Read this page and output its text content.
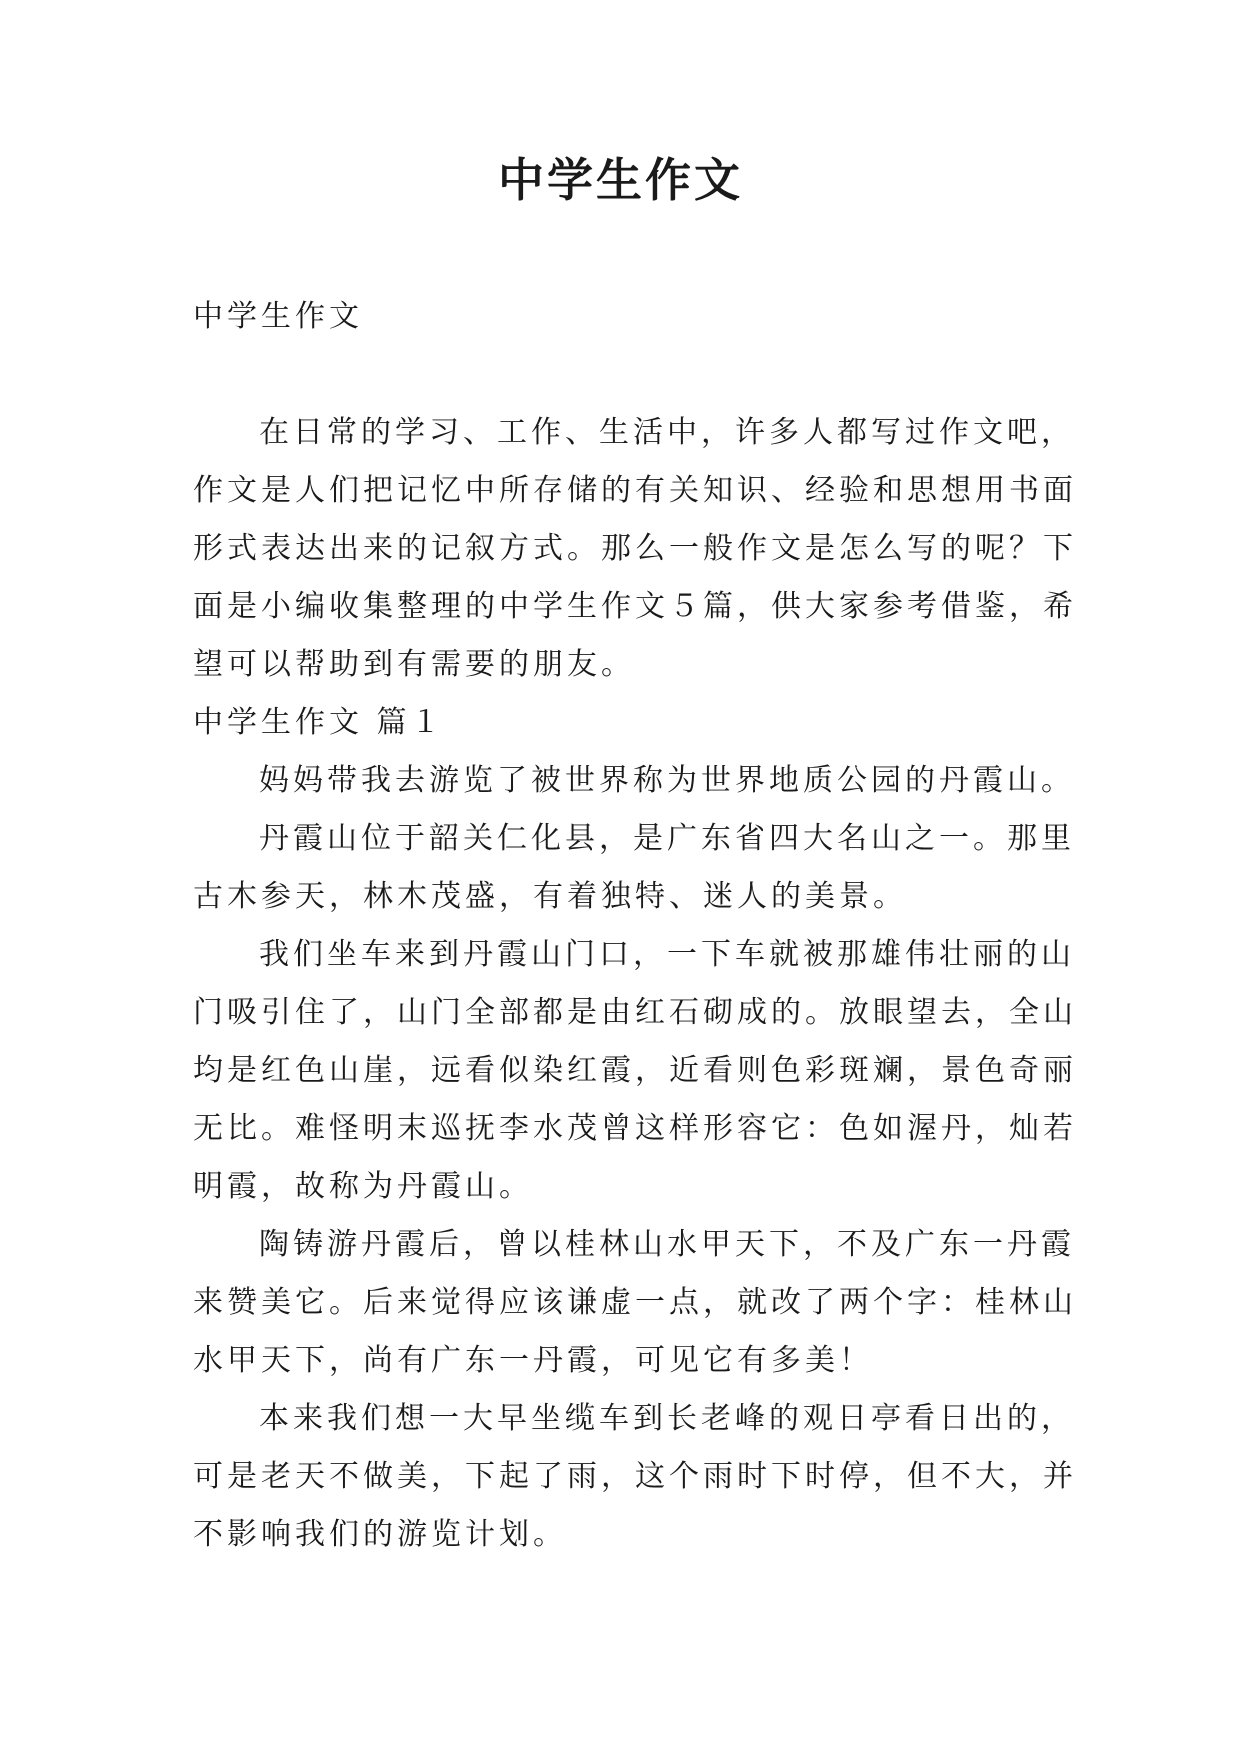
中学生作文
中学生作文
在日常的学习、工作、生活中，许多人都写过作文吧，
作文是人们把记忆中所存储的有关知识、经验和思想用书面
形式表达出来的记叙方式。那么一般作文是怎么写的呢？下
面是小编收集整理的中学生作文５篇，供大家参考借鉴，希
望可以帮助到有需要的朋友。
中学生作文 篇１
妈妈带我去游览了被世界称为世界地质公园的丹霞山。
丹霞山位于韶关仁化县，是广东省四大名山之一。那里
古木参天，林木茂盛，有着独特、迷人的美景。
我们坐车来到丹霞山门口，一下车就被那雄伟壮丽的山
门吸引住了，山门全部都是由红石砌成的。放眼望去，全山
均是红色山崖，远看似染红霞，近看则色彩斑斓，景色奇丽
无比。难怪明末巡抚李水茂曾这样形容它：色如渥丹，灿若
明霞，故称为丹霞山。
陶铸游丹霞后，曾以桂林山水甲天下，不及广东一丹霞
来赞美它。后来觉得应该谦虚一点，就改了两个字：桂林山
水甲天下，尚有广东一丹霞，可见它有多美！
本来我们想一大早坐缆车到长老峰的观日亭看日出的，
可是老天不做美，下起了雨，这个雨时下时停，但不大，并
不影响我们的游览计划。
